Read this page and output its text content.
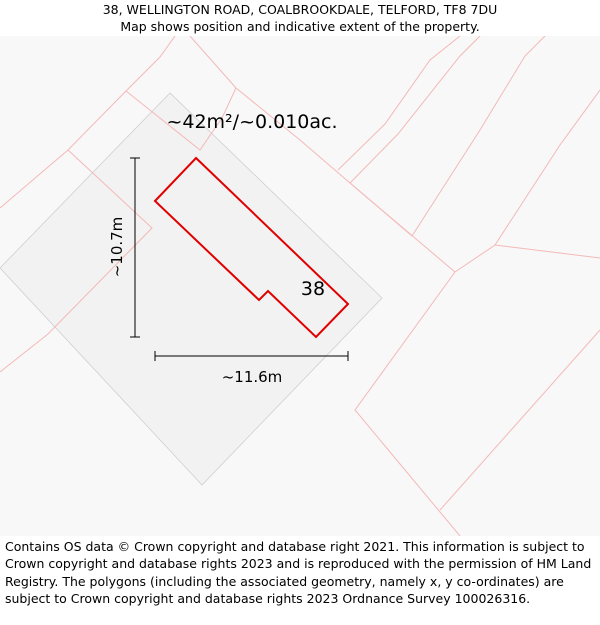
38, WELLINGTON ROAD, COALBROOKDALE, TELFORD, TF8 7DU
Map shows position and indicative extent of the property.
~42m²/~0.010ac.
38
~10.7m
~11.6m
Contains OS data © Crown copyright and database right 2021. This information is subject to Crown copyright and database rights 2023 and is reproduced with the permission of HM Land Registry. The polygons (including the associated geometry, namely x, y co-ordinates) are subject to Crown copyright and database rights 2023 Ordnance Survey 100026316.
